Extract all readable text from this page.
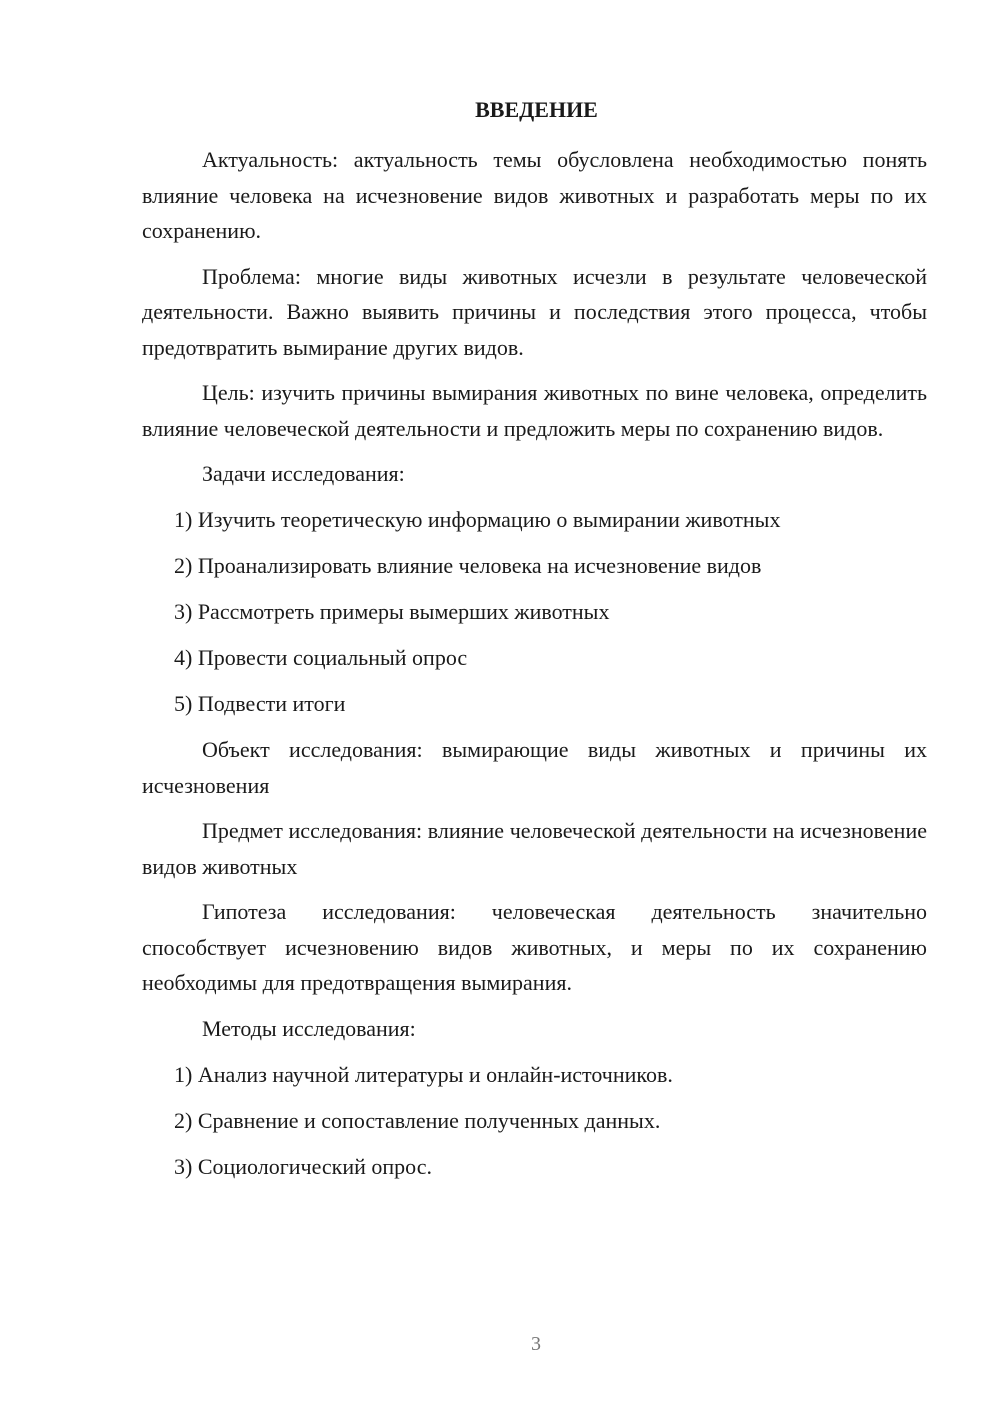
ВВЕДЕНИЕ
Актуальность: актуальность темы обусловлена необходимостью понять влияние человека на исчезновение видов животных и разработать меры по их сохранению.
Проблема: многие виды животных исчезли в результате человеческой деятельности. Важно выявить причины и последствия этого процесса, чтобы предотвратить вымирание других видов.
Цель: изучить причины вымирания животных по вине человека, определить влияние человеческой деятельности и предложить меры по сохранению видов.
Задачи исследования:
1) Изучить теоретическую информацию о вымирании животных
2) Проанализировать влияние человека на исчезновение видов
3) Рассмотреть примеры вымерших животных
4) Провести социальный опрос
5) Подвести итоги
Объект исследования: вымирающие виды животных и причины их исчезновения
Предмет исследования: влияние человеческой деятельности на исчезновение видов животных
Гипотеза исследования: человеческая деятельность значительно способствует исчезновению видов животных, и меры по их сохранению необходимы для предотвращения вымирания.
Методы исследования:
1) Анализ научной литературы и онлайн-источников.
2) Сравнение и сопоставление полученных данных.
3) Социологический опрос.
3
